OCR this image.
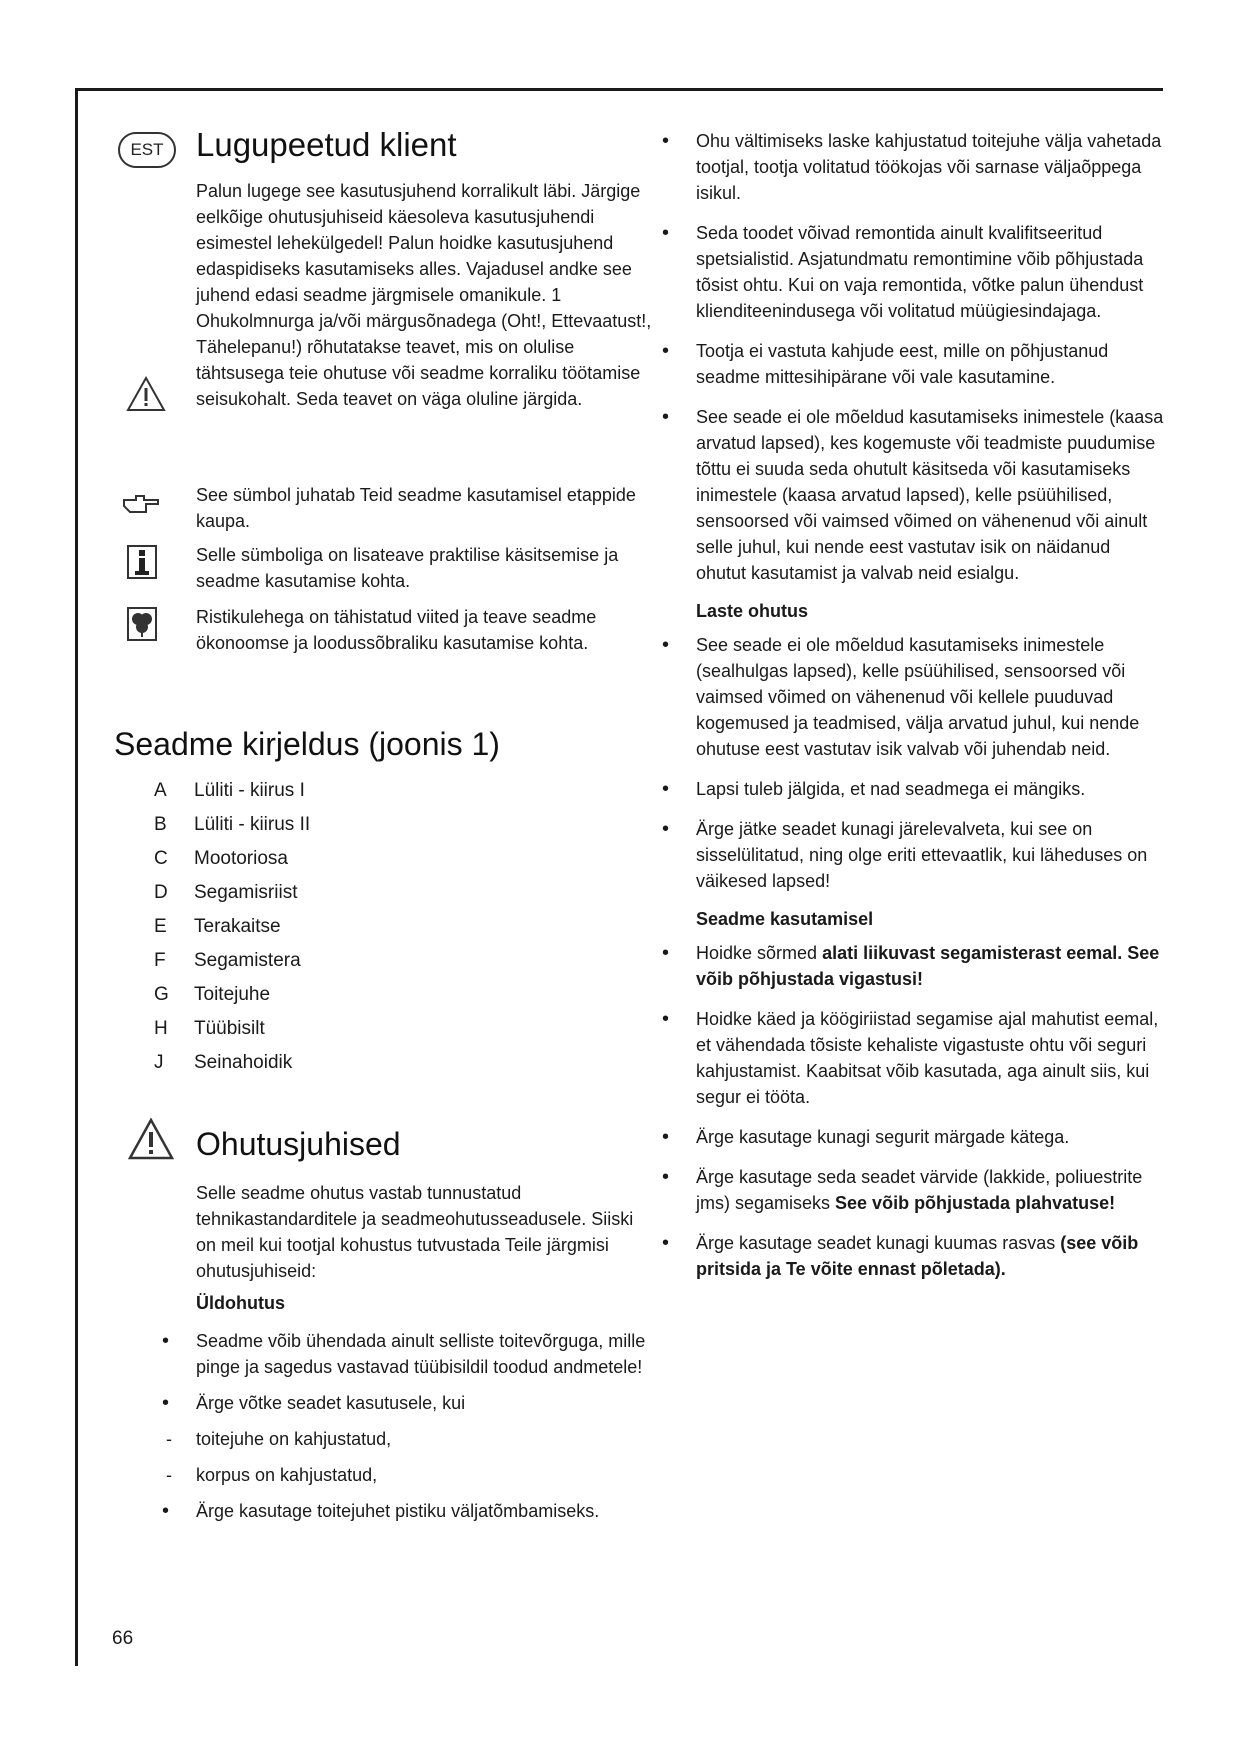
EST Lugupeetud klient

Palun lugege see kasutusjuhend korralikult läbi. Järgige eelkõige ohutusjuhiseid käesoleva kasutusjuhendi esimestel lehekülgedel! Palun hoidke kasutusjuhend edaspidiseks kasutamiseks alles. Vajadusel andke see juhend edasi seadme järgmisele omanikule. 1 Ohukolmnurga ja/või märgusõnadega (Oht!, Ettevaatust!, Tähelepanu!) rõhutatakse teavet, mis on olulise tähtsusega teie ohutuse või seadme korraliku töötamise seisukohalt. Seda teavet on väga oluline järgida.

See sümbol juhatab Teid seadme kasutamisel etappide kaupa.

Selle sümboliga on lisateave praktilise käsitsemise ja seadme kasutamise kohta.

Ristikulehega on tähistatud viited ja teave seadme ökonoomse ja loodussõbraliku kasutamise kohta.

Seadme kirjeldus (joonis 1)
A Lüliti - kiirus I
B Lüliti - kiirus II
C Mootoriosa
D Segamisriist
E Terakaitse
F Segamistera
G Toitejuhe
H Tüübisilt
J Seinahoidik
Ohutusjuhised

Selle seadme ohutus vastab tunnustatud tehnikastandarditele ja seadmeohutusseadusele. Siiski on meil kui tootjal kohustus tutvustada Teile järgmisi ohutusjuhiseid:

Üldohutus

• Seadme võib ühendada ainult selliste toitevõrguga, mille pinge ja sagedus vastavad tüübisildil toodud andmetele!

• Ärge võtke seadet kasutusele, kui

- toitejuhe on kahjustatud,
- korpus on kahjustatud,

• Ärge kasutage toitejuhet pistiku väljatõmbamiseks.

• Ohu vältimiseks laske kahjustatud toitejuhe välja vahetada tootjal, tootja volitatud töökojas või sarnase väljaõppega isikul.

• Seda toodet võivad remontida ainult kvalifitseeritud spetsialistid. Asjatundmatu remontimine võib põhjustada tõsist ohtu. Kui on vaja remontida, võtke palun ühendust klienditeenindusega või volitatud müügiesindajaga.

• Tootja ei vastuta kahjude eest, mille on põhjustanud seadme mittesihipärane või vale kasutamine.

• See seade ei ole mõeldud kasutamiseks inimestele (kaasa arvatud lapsed), kes kogemuste või teadmiste puudumise tõttu ei suuda seda ohutult käsitseda või kasutamiseks inimestele (kaasa arvatud lapsed), kelle psüühilised, sensoorsed või vaimsed võimed on vähenenud või ainult selle juhul, kui nende eest vastutav isik on näidanud ohutut kasutamist ja valvab neid esialgu.

Laste ohutus

• See seade ei ole mõeldud kasutamiseks inimestele (sealhulgas lapsed), kelle psüühilised, sensoorsed või vaimsed võimed on vähenenud või kellele puuduvad kogemused ja teadmised, välja arvatud juhul, kui nende ohutuse eest vastutav isik valvab või juhendab neid.

• Lapsi tuleb jälgida, et nad seadmega ei mängiks.

• Ärge jätke seadet kunagi järelevalveta, kui see on sisselülitatud, ning olge eriti ettevaatlik, kui läheduses on väikesed lapsed!

Seadme kasutamisel

• Hoidke sõrmed alati liikuvast segamisterast eemal. See võib põhjustada vigastusi!

• Hoidke käed ja köögiriistad segamise ajal mahutist eemal, et vähendada tõsiste kehaliste vigastuste ohtu või seguri kahjustamist. Kaabitsat võib kasutada, aga ainult siis, kui segur ei tööta.

• Ärge kasutage kunagi segurit märgade kätega.

• Ärge kasutage seda seadet värvide (lakkide, poliuestrite jms) segamiseks See võib põhjustada plahvatuse!

• Ärge kasutage seadet kunagi kuumas rasvas (see võib pritsida ja Te võite ennast põletada).

66
